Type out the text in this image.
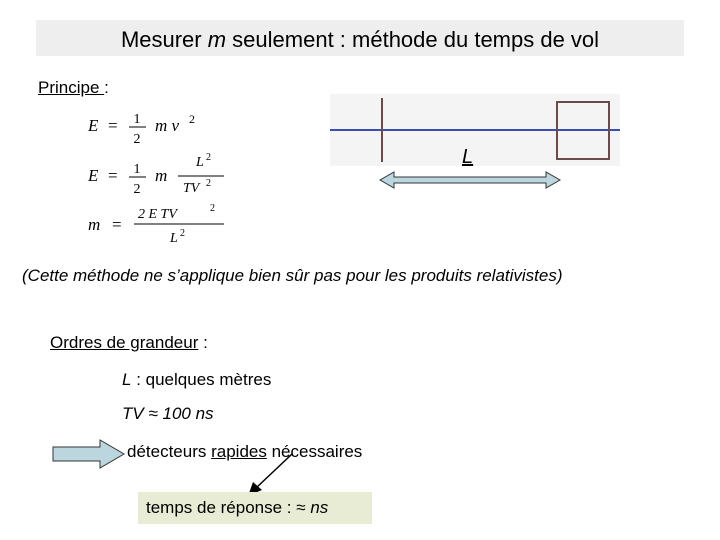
Mesurer m seulement : méthode du temps de vol
Principe :
E = 1
2
m v 2
E = 1
2
m
L 2
TV 2
m =
2 E TV	2
L 2
L
(Cette méthode ne s’applique bien sûr pas pour les produits relativistes)
Ordres de grandeur :
L : quelques mètres
TV ≈ 100 ns
détecteurs rapides nécessaires
temps de réponse : ≈ ns
